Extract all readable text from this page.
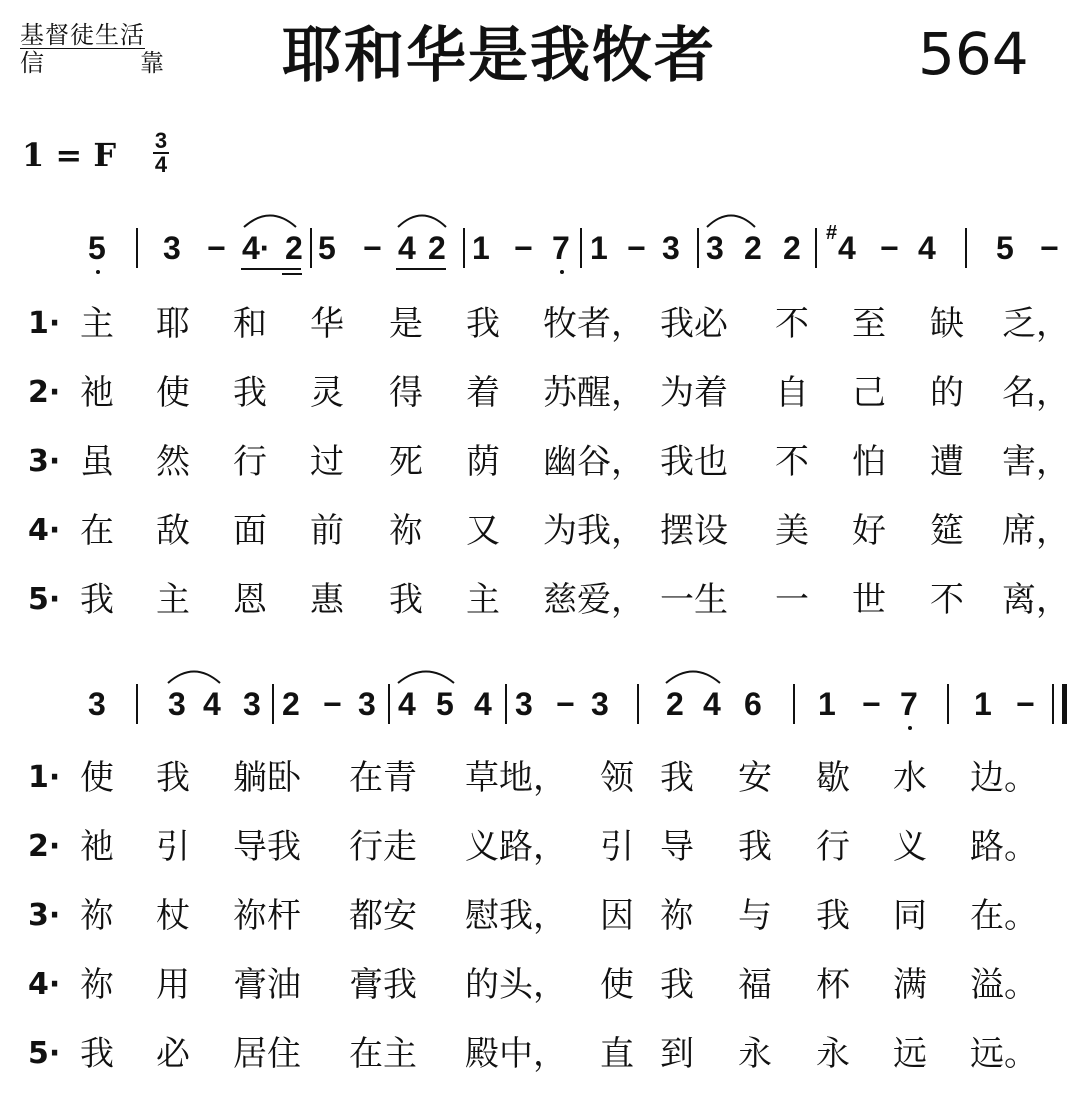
基督徒生活
信	靠 耶和华是我牧者	564
1 = F 3
4
5 3 − 4· 2 5 − 4 2 1 − 7 1 − 3 3 2 2 4 − 4 5 −
#
1· 主 耶 和 华 是 我 牧者， 我必 不 至 缺 乏，
2· 祂 使 我 灵 得 着 苏醒， 为着 自 己 的 名，
3· 虽 然 行 过 死 荫 幽谷， 我也 不 怕 遭 害，
4· 在 敌 面 前 祢 又 为我， 摆设 美 好 筵 席，
5· 我 主 恩 惠 我 主 慈爱， 一生 一 世 不 离，
3 3 4 3 2 − 3 4 5 4 3 − 3 2 4 6 1 − 7 1 −
1· 使 我 躺卧 在青 草地， 领 我 安 歇 水 边。
2· 祂 引 导我 行走 义路， 引 导 我 行 义 路。
3· 祢 杖 祢杆 都安 慰我， 因 祢 与 我 同 在。
4· 祢 用 膏油 膏我 的头， 使 我 福 杯 满 溢。
5· 我 必 居住 在主 殿中， 直 到 永 永 远 远。
